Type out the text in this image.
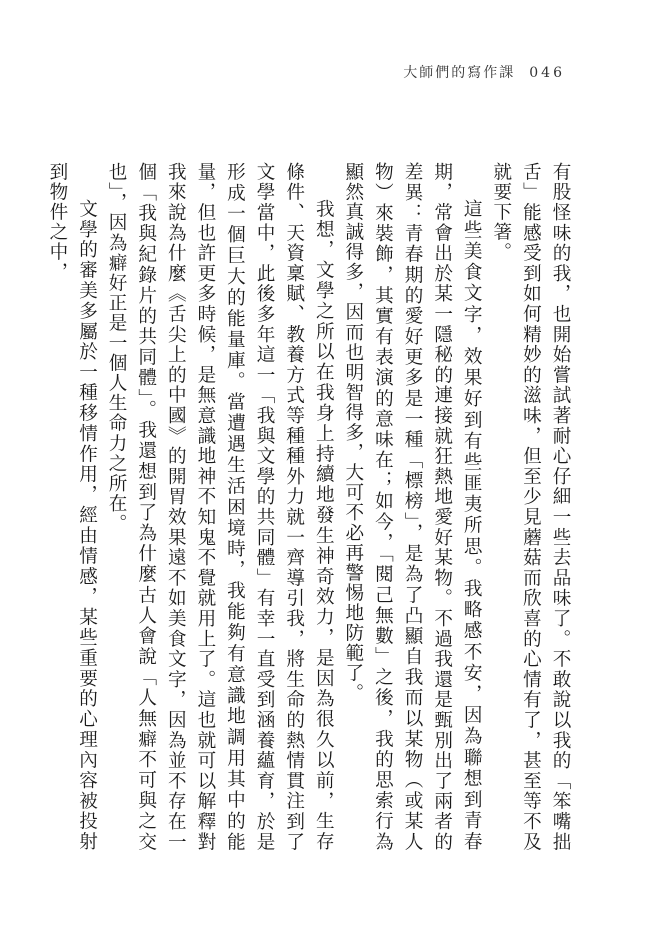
大師們的寫作課 046

有股怪味的我，也開始嘗試著耐心仔細一些去品味了。不敢說以我的「笨嘴拙舌」能感受到如何精妙的滋味，但至少見蘑菇而欣喜的心情有了，甚至等不及就要下箸。

這些美食文字，效果好到有些匪夷所思。我略感不安，因為聯想到青春期，常會出於某一隱秘的連接就狂熱地愛好某物。不過我還是甄別出了兩者的差異：青春期的愛好更多是一種「標榜」，是為了凸顯自我而以某物（或某人物）來裝飾，其實有表演的意味在；如今，「閱己無數」之後，我的思索行為顯然真誠得多，因而也明智得多，大可不必再警惕地防範了。

我想，文學之所以在我身上持續地發生神奇效力，是因為很久以前，生存條件、天資稟賦、教養方式等種種外力就一齊導引我，將生命的熱情貫注到了文學當中，此後多年這一「我與文學的共同體」有幸一直受到涵養蘊育，於是形成一個巨大的能量庫。當遭遇生活困境時，我能夠有意識地調用其中的能量，但也許更多時候，是無意識地神不知鬼不覺就用上了。這也就可以解釋對我來說為什麼《舌尖上的中國》的開胃效果遠不如美食文字，因為並不存在一個「我與紀錄片的共同體」。我還想到了為什麼古人會說「人無癖不可與之交也」，因為癖好正是一個人生命力之所在。

文學的審美多屬於一種移情作用，經由情感，某些重要的心理內容被投射到物件之中，
